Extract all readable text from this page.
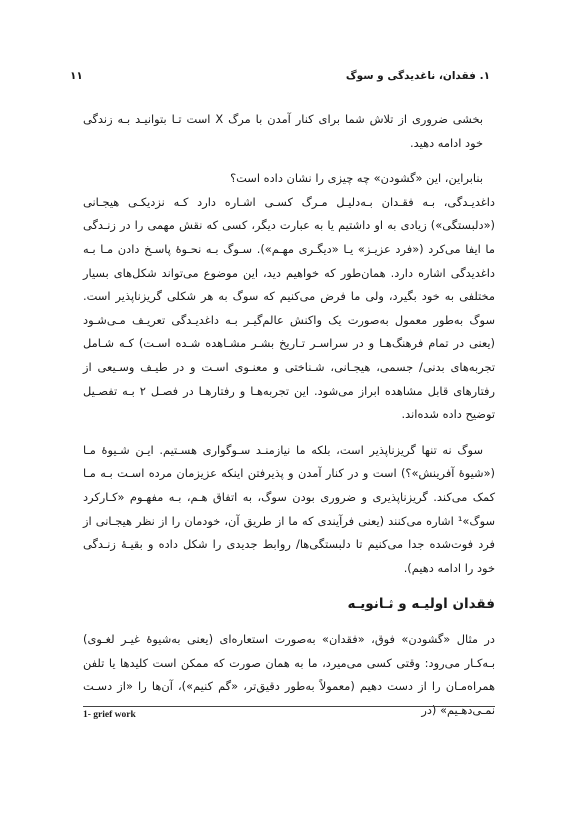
۱۱	۱. فقدان، ناغدیدگی و سوگ

بخشی ضروری از تلاش شما برای کنار آمدن با مرگ X است تـا بتوانیـد بـه زندگی خود ادامه دهید.

بنابراین، این «گشودن» چه چیزی را نشان داده است؟

داغدیـدگی، بـه فقـدان بـه‌دلیـل مـرگ کسـی اشـاره دارد کـه نزدیکـی هیجـانی («دلبستگی») زیادی به او داشتیم یا به عبارت دیگر، کسی که نقش مهمی را در زنـدگی ما ایفا می‌کرد («فرد عزیـز» یـا «دیگـری مهـم»). سـوگ بـه نحـوهٔ پاسـخ دادن مـا بـه داغدیدگی اشاره دارد. همان‌طور که خواهیم دید، این موضوع می‌تواند شکل‌های بسیار مختلفی به خود بگیرد، ولی ما فرض می‌کنیم که سوگ به هر شکلی گریزناپذیر است. سوگ به‌طور معمول به‌صورت یک واکنش عالم‌گیـر بـه داغدیـدگی تعریـف مـی‌شـود (یعنی در تمام فرهنگ‌هـا و در سراسـر تـاریخ بشـر مشـاهده شـده اسـت) کـه شـامل تجربه‌های بدنی/ جسمی، هیجـانی، شـناختی و معنـوی اسـت و در طیـف وسـیعی از رفتارهای قابل مشاهده ابراز می‌شود. این تجربه‌هـا و رفتارهـا در فصـل ۲ بـه تفصـیل توضیح داده شده‌اند.

سوگ نه تنها گریزناپذیر است، بلکه ما نیازمنـد سـوگواری هسـتیم. ایـن شـیوهٔ مـا («شیوهٔ آفرینش»؟) است و در کنار آمدن و پذیرفتن اینکه عزیزمان مرده اسـت بـه مـا کمک می‌کند. گریزناپذیری و ضروری بودن سوگ، به اتفاق هـم، بـه مفهـوم «کـارکرد سوگ»¹ اشاره می‌کنند (یعنی فرآیندی که ما از طریق آن، خودمان را از نظر هیجـانی از فرد فوت‌شده جدا می‌کنیم تا دلبستگی‌ها/ روابط جدیدی را شکل داده و بقیـهٔ زنـدگی خود را ادامه دهیم).

فقدان اولیـه و ثـانویـه

در مثال «گشودن» فوق، «فقدان» به‌صورت استعاره‌ای (یعنی به‌شیوهٔ غیـر لغـوی) بـه‌کـار می‌رود: وقتی کسی می‌میرد، ما به همان صورت که ممکن است کلیدها یا تلفن همراه‌مـان را از دست دهیم (معمولاً به‌طور دقیق‌تر، «گم کنیم»)، آن‌ها را «از دسـت نمـی‌دهـیم» (در

1- grief work
